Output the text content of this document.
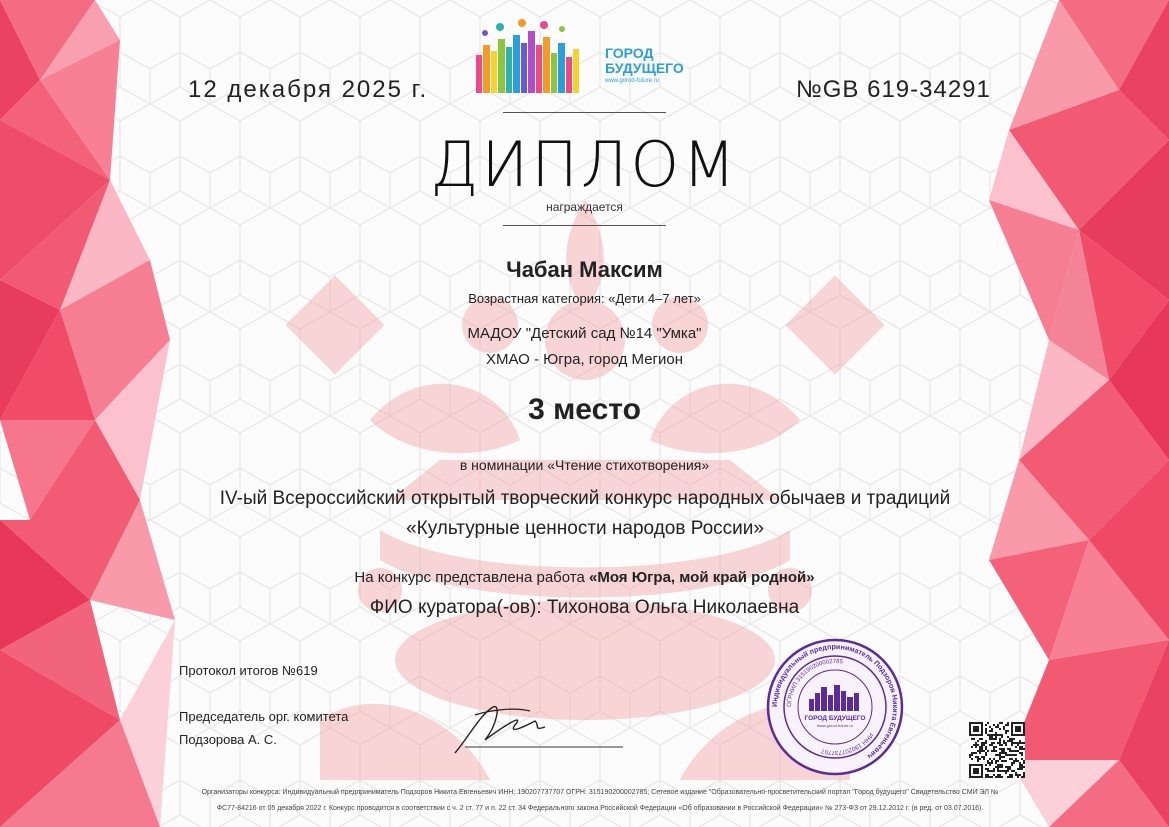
ГОРОД
БУДУЩЕГО
www.gorod-future.ru
12 декабря 2025 г.	№GB 619-34291
ДИПЛОМ
награждается
Чабан Максим
Возрастная категория: «Дети 4–7 лет»
МАДОУ "Детский сад №14 "Умка"
ХМАО - Югра, город Мегион
3 место
в номинации «Чтение стихотворения»
IV-ый Всероссийский открытый творческий конкурс народных обычаев и традиций «Культурные ценности народов России»
На конкурс представлена работа «Моя Югра, мой край родной»
ФИО куратора(-ов): Тихонова Ольга Николаевна
Протокол итогов №619
Председатель орг. комитета
Подзорова А. С.
Индивидуальный предприниматель Подзоров Никита Евгеньевич
ОГРНИП 315190200002785
ИНН 190207737707
ГОРОД БУДУЩЕГО
www.gorod-future.ru
Организаторы конкурса: Индивидуальный предприниматель Подзоров Никита Евгеньевич ИНН: 190207737707 ОГРН: 315190200002785; Сетевое издание "Образовательно-просветительский портал "Город будущего" Свидетельство СМИ ЭЛ №
ФС77-84216 от 05 декабря 2022 г. Конкурс проводится в соответствии с ч. 2 ст. 77 и п. 22 ст. 34 Федерального закона Российской Федерации «Об образовании в Российской Федерации» № 273-ФЗ от 29.12.2012 г. (в ред. от 03.07.2016).
